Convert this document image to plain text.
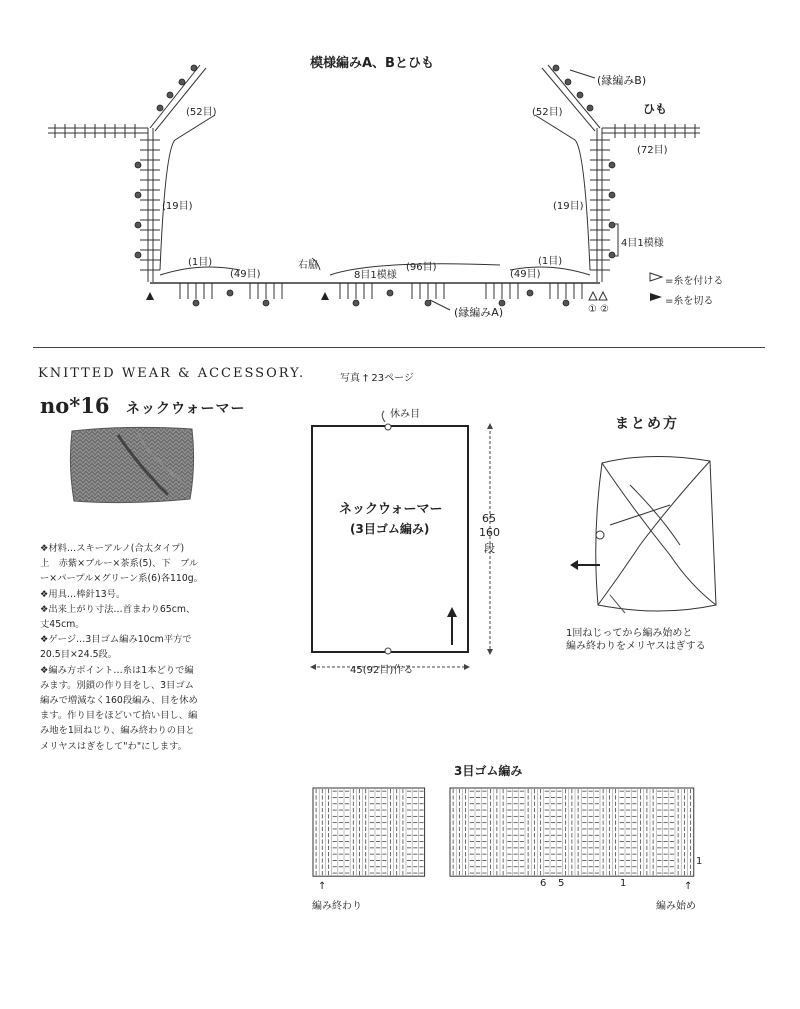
模様編みA、Bとひも
(縁編みB)
ひも
(52目)	(52目)
(72目)
(19目)	(19目)
4目1模様
(1目)	(1目)
右脇	(96目)
(49目)	8目1模様	(49目)
=糸を付ける
=糸を切る
(縁編みA)	① ②
KNITTED WEAR & ACCESSORY.	写真 † 23ページ
no*16 ネックウォーマー

❖材料…スキーアルノ(合太タイプ)

上　赤紫×ブルー×茶系(5)、下　ブル

ー×パープル×グリーン系(6)各110g。

❖用具…棒針13号。

❖出来上がり寸法…首まわり65cm、

丈45cm。

❖ゲージ…3目ゴム編み10cm平方で

20.5目×24.5段。

❖編み方ポイント…糸は1本どりで編

みます。別鎖の作り目をし、3目ゴム

編みで増減なく160段編み、目を休め

ます。作り目をほどいて拾い目し、編

み地を1回ねじり、編み終わりの目と

メリヤスはぎをして"わ"にします。

休み目
ネックウォーマー
(3目ゴム編み)
65
160
段
45(92目)作る
まとめ方
1回ねじってから編み始めと
編み終わりをメリヤスはぎする
3目ゴム編み
6 5	1
1
↑	↑
編み終わり	編み始め
